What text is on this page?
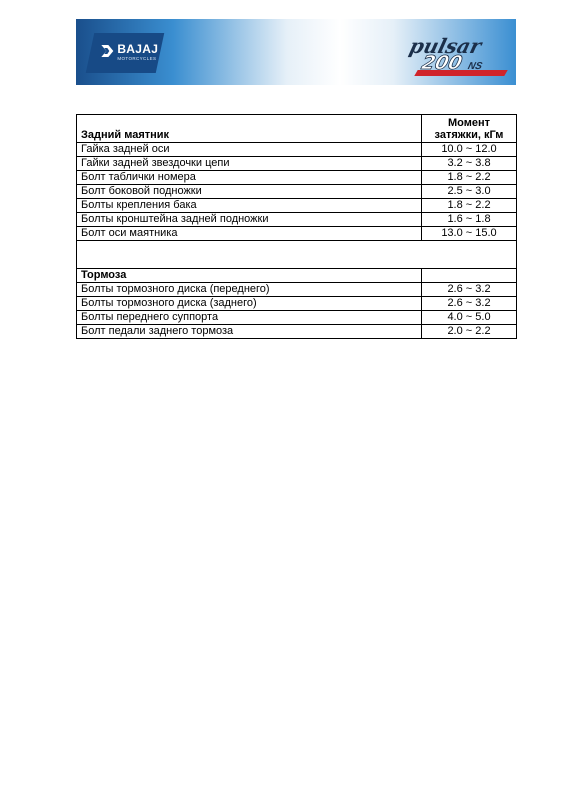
BAJAJ
MOTORCYCLES
pulsar
200 NS
Задний маятник	Момент
затяжки, кГм
Гайка задней оси	10.0 ~ 12.0
Гайки задней звездочки цепи	3.2 ~ 3.8
Болт таблички номера	1.8 ~ 2.2
Болт боковой подножки	2.5 ~ 3.0
Болты крепления бака	1.8 ~ 2.2
Болты кронштейна задней подножки	1.6 ~ 1.8
Болт оси маятника	13.0 ~ 15.0

Тормоза	
Болты тормозного диска (переднего)	2.6 ~ 3.2
Болты тормозного диска (заднего)	2.6 ~ 3.2
Болты переднего суппорта	4.0 ~ 5.0
Болт педали заднего тормоза	2.0 ~ 2.2
